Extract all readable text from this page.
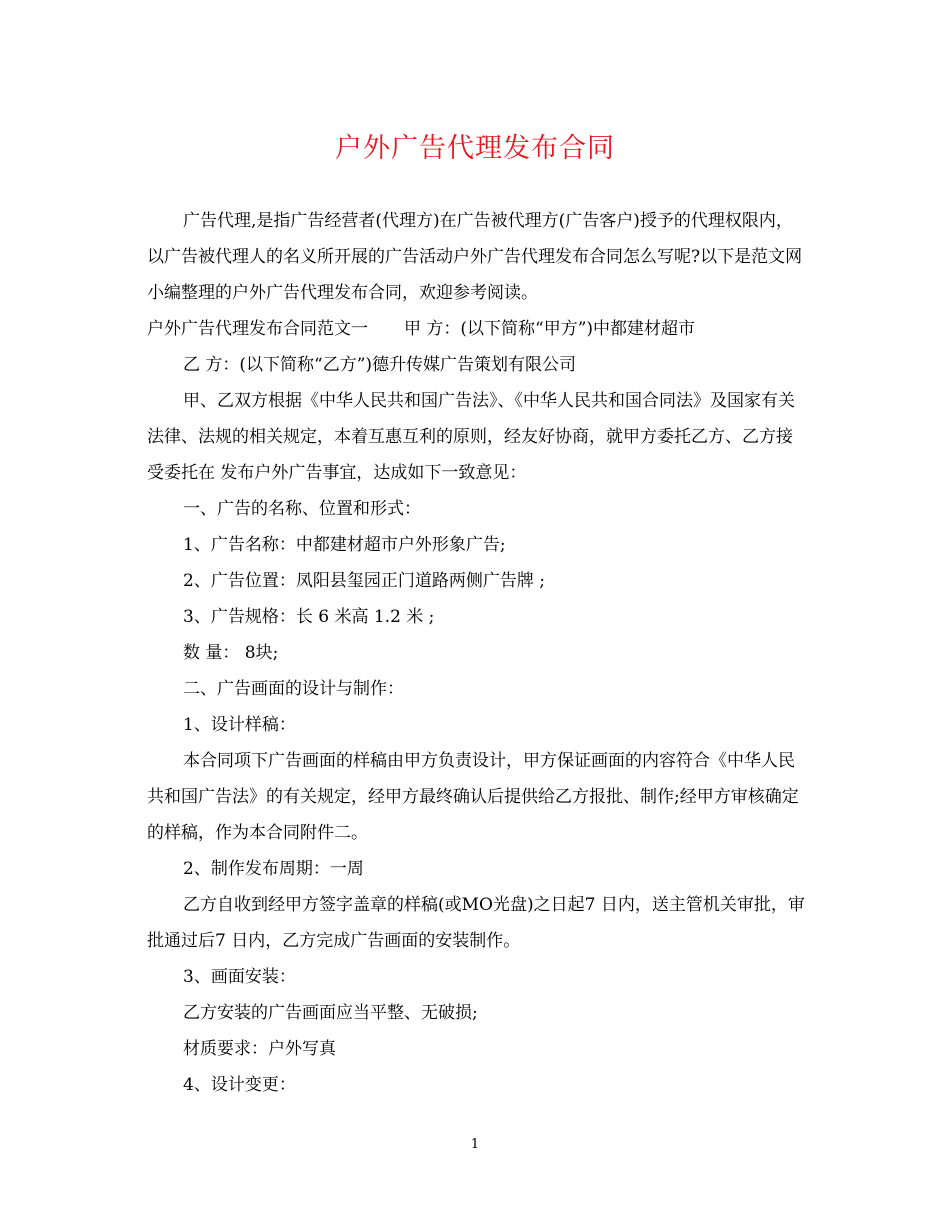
户外广告代理发布合同

广告代理,是指广告经营者(代理方)在广告被代理方(广告客户)授予的代理权限内，以广告被代理人的名义所开展的广告活动户外广告代理发布合同怎么写呢?以下是范文网小编整理的户外广告代理发布合同，欢迎参考阅读。

户外广告代理发布合同范文一 甲 方：(以下简称“甲方”)中都建材超市

乙 方：(以下简称“乙方”)德升传媒广告策划有限公司

甲、乙双方根据《中华人民共和国广告法》、《中华人民共和国合同法》及国家有关法律、法规的相关规定，本着互惠互利的原则，经友好协商，就甲方委托乙方、乙方接受委托在 发布户外广告事宜，达成如下一致意见：

一、广告的名称、位置和形式：

1、广告名称：中都建材超市户外形象广告;

2、广告位置：凤阳县玺园正门道路两侧广告牌 ;

3、广告规格：长 6 米高 1.2 米 ;

数 量： 8块;

二、广告画面的设计与制作：

1、设计样稿：

本合同项下广告画面的样稿由甲方负责设计，甲方保证画面的内容符合《中华人民共和国广告法》的有关规定，经甲方最终确认后提供给乙方报批、制作;经甲方审核确定的样稿，作为本合同附件二。

2、制作发布周期：一周

乙方自收到经甲方签字盖章的样稿(或MO光盘)之日起7 日内，送主管机关审批，审批通过后7 日内，乙方完成广告画面的安装制作。

3、画面安装：

乙方安装的广告画面应当平整、无破损;

材质要求：户外写真

4、设计变更：

1
